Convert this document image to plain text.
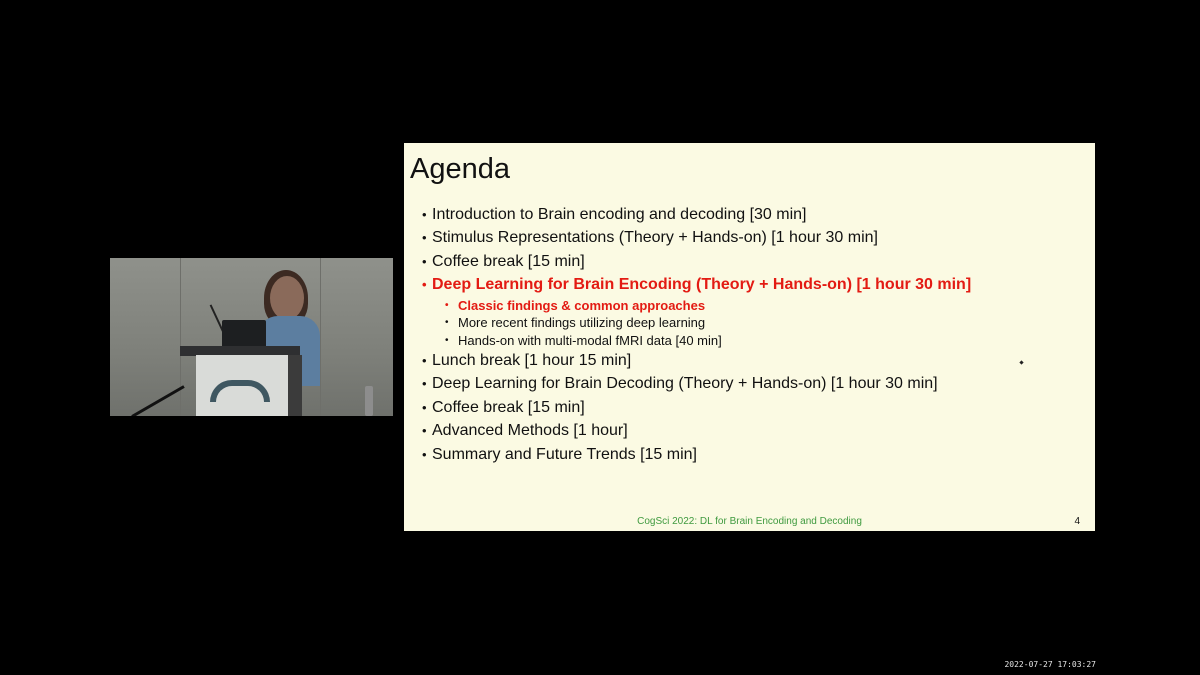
Agenda
• Introduction to Brain encoding and decoding [30 min]
• Stimulus Representations (Theory + Hands-on) [1 hour 30 min]
• Coffee break [15 min]
• Deep Learning for Brain Encoding (Theory + Hands-on) [1 hour 30 min]
• Classic findings & common approaches
• More recent findings utilizing deep learning
• Hands-on with multi-modal fMRI data [40 min]
• Lunch break [1 hour 15 min]
• Deep Learning for Brain Decoding (Theory + Hands-on) [1 hour 30 min]
• Coffee break [15 min]
• Advanced Methods [1 hour]
• Summary and Future Trends [15 min]
CogSci 2022: DL for Brain Encoding and Decoding	4
2022-07-27 17:03:27
